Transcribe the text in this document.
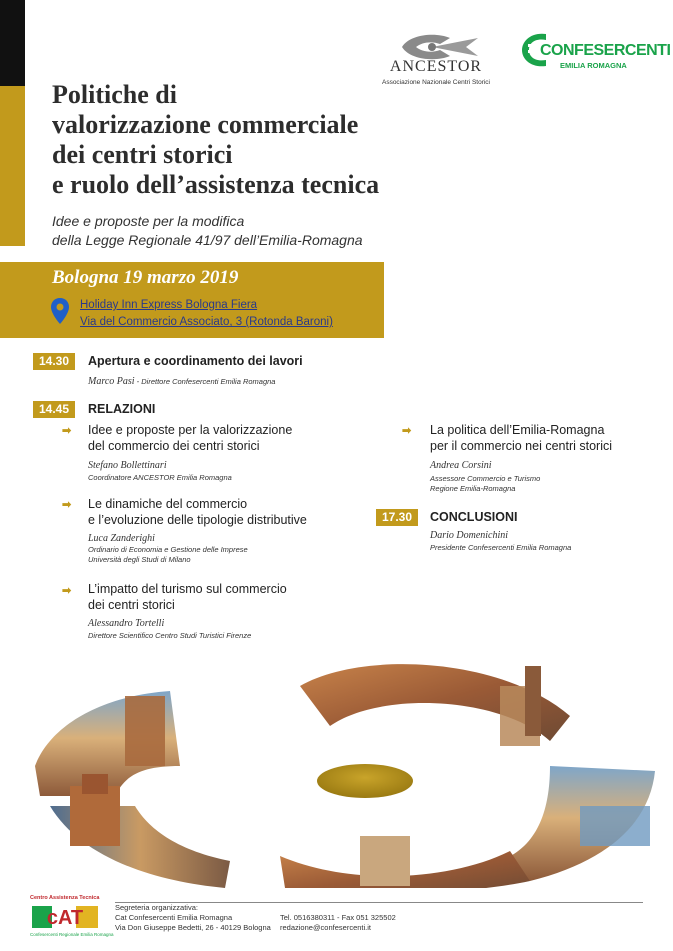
ANCESTOR
Associazione Nazionale Centri Storici
CONFESERCENTI
EMILIA ROMAGNA
Politiche di
valorizzazione commerciale
dei centri storici
e ruolo dell’assistenza tecnica
Idee e proposte per la modifica
della Legge Regionale 41/97 dell’Emilia-Romagna
Bologna 19 marzo 2019
Holiday Inn Express Bologna Fiera
Via del Commercio Associato, 3 (Rotonda Baroni)
14.30	Apertura e coordinamento dei lavori
Marco Pasi - Direttore Confesercenti Emilia Romagna
14.45	RELAZIONI
➡ Idee e proposte per la valorizzazione
del commercio dei centri storici
Stefano Bollettinari
Coordinatore ANCESTOR Emilia Romagna
➡ Le dinamiche del commercio
e l’evoluzione delle tipologie distributive
Luca Zanderighi
Ordinario di Economia e Gestione delle Imprese
Università degli Studi di Milano
➡ L’impatto del turismo sul commercio
dei centri storici
Alessandro Tortelli
Direttore Scientifico Centro Studi Turistici Firenze
➡ La politica dell’Emilia-Romagna
per il commercio nei centri storici
Andrea Corsini
Assessore Commercio e Turismo
Regione Emilia-Romagna
17.30	CONCLUSIONI
Dario Domenichini
Presidente Confesercenti Emilia Romagna
Centro Assistenza Tecnica
cAT
Confesercenti Regionale Emilia Romagna
Segreteria organizzativa:
Cat Confesercenti Emilia Romagna
Via Don Giuseppe Bedetti, 26 - 40129 Bologna
Tel. 0516380311 - Fax 051 325502
redazione@confesercenti.it
